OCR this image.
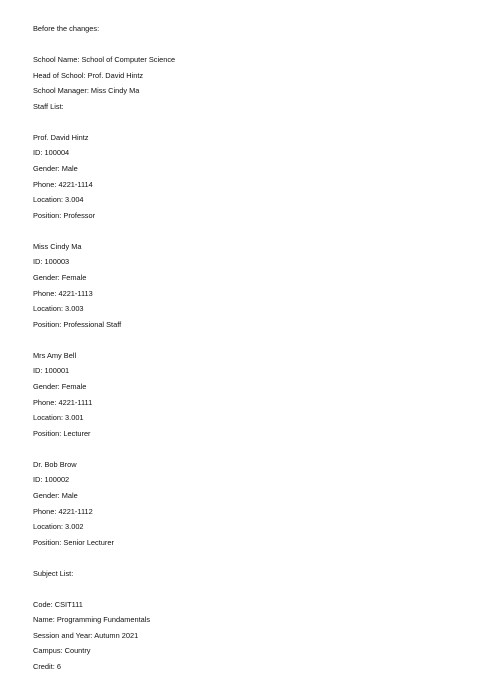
Before the changes:
School Name: School of Computer Science
Head of School: Prof. David Hintz
School Manager: Miss Cindy Ma
Staff List:
Prof. David Hintz
ID: 100004
Gender: Male
Phone: 4221-1114
Location: 3.004
Position: Professor
Miss Cindy Ma
ID: 100003
Gender: Female
Phone: 4221-1113
Location: 3.003
Position: Professional Staff
Mrs Amy Bell
ID: 100001
Gender: Female
Phone: 4221-1111
Location: 3.001
Position: Lecturer
Dr. Bob Brow
ID: 100002
Gender: Male
Phone: 4221-1112
Location: 3.002
Position: Senior Lecturer
Subject List:
Code: CSIT111
Name: Programming Fundamentals
Session and Year: Autumn 2021
Campus: Country
Credit: 6
